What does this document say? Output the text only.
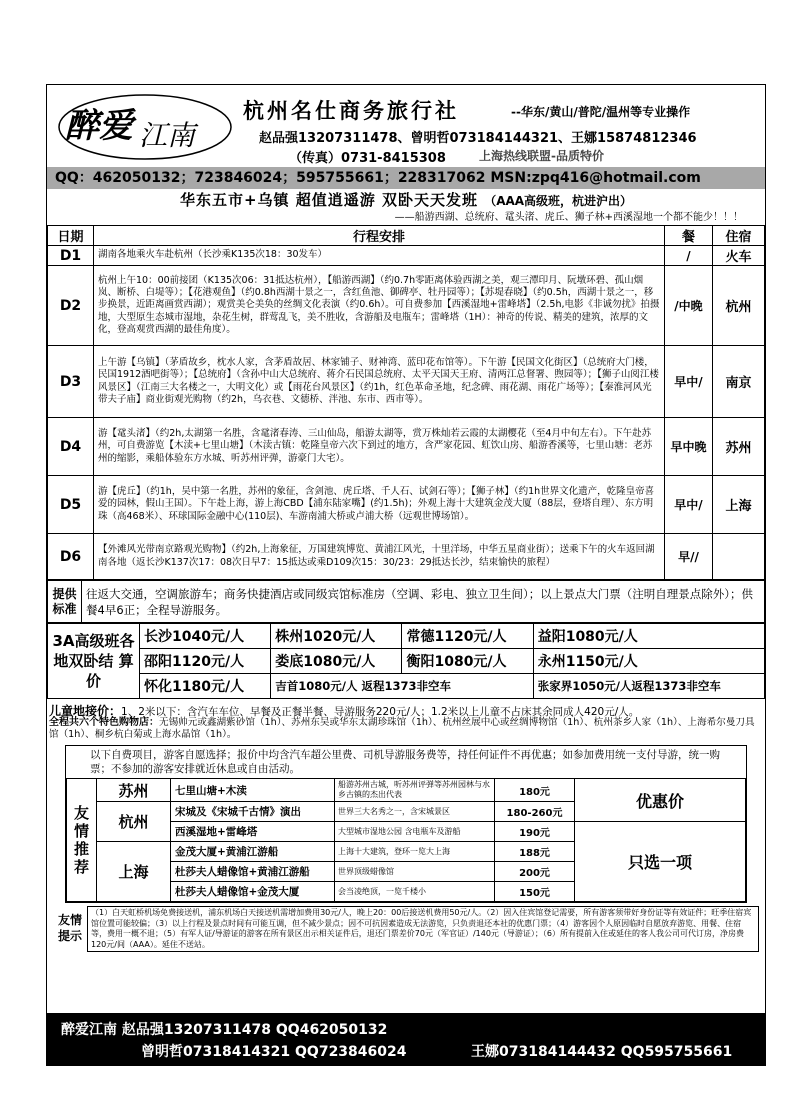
醉爱 江南
杭州名仕商务旅行社	--华东/黄山/普陀/温州等专业操作
赵品强13207311478、曾明哲073184144321、王娜15874812346
（传真）0731-8415308	上海热线联盟-品质特价
QQ：462050132；723846024；595755661；228317062 MSN:zpq416@hotmail.com
华东五市+乌镇 超值逍遥游 双卧天天发班 （AAA高级班，杭进沪出）
——船游西湖、总统府、鼋头渚、虎丘、狮子林+西溪湿地一个都不能少！！！
日期	行程安排	餐	住宿
D1	湖南各地乘火车赴杭州（长沙乘K135次18：30发车）	/	火车
D2	杭州上午10：00前接团（K135次06：31抵达杭州），【船游西湖】（约0.7h零距离体验西湖之美，观三潭印月、阮墩环碧、孤山烟岚、断桥、白堤等）；【花港观鱼】（约0.8h西湖十景之一，含红鱼池、御碑亭、牡丹园等）；【苏堤春晓】（约0.5h，西湖十景之一，移步换景，近距离画赏西湖）；观赏美仑美奂的丝绸文化表演（约0.6h）。可自费参加【西溪湿地+雷峰塔】（2.5h,电影《非诚勿扰》拍摄地，大型原生态城市湿地，杂花生树，群莺乱飞，美不胜收，含游船及电瓶车；雷峰塔（1H）：神奇的传说、精美的建筑，浓厚的文化，登高观赏西湖的最佳角度）。	/中晚	杭州
D3	上午游【乌镇】（茅盾故乡，枕水人家，含茅盾故居、林家铺子、财神湾、蓝印花布馆等）。下午游【民国文化街区】（总统府大门楼，民国1912酒吧街等）；【总统府】（含孙中山大总统府、蒋介石民国总统府、太平天国天王府、清两江总督署、煦园等）；【狮子山阅江楼风景区】（江南三大名楼之一，大明文化）或【雨花台风景区】（约1h，红色革命圣地，纪念碑、雨花湖、雨花广场等）；【秦淮河风光带夫子庙】商业街观光购物（约2h，乌衣巷、文德桥、泮池、东市、西市等）。	早中/	南京
D4	游【鼋头渚】（约2h,太湖第一名胜，含鼋渚春涛、三山仙岛，船游太湖等，赏万株灿若云霞的太湖樱花（至4月中旬左右）。下午赴苏州，可自费游览【木渎+七里山塘】（木渎古镇：乾隆皇帝六次下到过的地方，含严家花园、虹饮山房、船游香溪等，七里山塘：老苏州的缩影，乘船体验东方水城、听苏州评弹，游豪门大宅）。	早中晚	苏州
D5	游【虎丘】（约1h，吴中第一名胜，苏州的象征，含剑池、虎丘塔、千人石、试剑石等）；【狮子林】（约1h世界文化遗产，乾隆皇帝喜爱的园林，假山王国）。下午赴上海，游上海CBD【浦东陆家嘴】(约1.5h)；外观上海十大建筑金茂大厦（88层，登塔自理）、东方明珠（高468米）、环球国际金融中心(110层)、车游南浦大桥或卢浦大桥（远观世博场馆）。	早中/	上海
D6	【外滩风光带南京路观光购物】（约2h,上海象征，万国建筑博览、黄浦江风光，十里洋场，中华五星商业街）；送乘下午的火车返回湖南各地（返长沙K137次17：08次日早7：15抵达或乘D109次15：30/23：29抵达长沙，结束愉快的旅程）	早//	
提供标准	往返大交通，空调旅游车；商务快捷酒店或同级宾馆标准房（空调、彩电、独立卫生间）；以上景点大门票（注明自理景点除外）；供餐4早6正；全程导游服务。
3A高级班各地双卧结 算 价	长沙1040元/人	株州1020元/人	常德1120元/人	益阳1080元/人
	邵阳1120元/人	娄底1080元/人	衡阳1080元/人	永州1150元/人
	怀化1180元/人	吉首1080元/人 返程1373非空车		张家界1050元/人返程1373非空车
儿童地接价：1、2米以下：含汽车车位、早餐及正餐半餐、导游服务220元/人；1.2米以上儿童不占床其余同成人420元/人。
全程共六个特色购物店：无锡帅元或鑫湖紫砂馆（1h）、苏州东吴或华东太湖珍珠馆（1h）、杭州丝展中心或丝绸博物馆（1h）、杭州茶乡人家（1h）、上海希尔曼刀具馆（1h）、桐乡杭白菊或上海水晶馆（1h）。
以下自费项目，游客自愿选择；报价中均含汽车超公里费、司机导游服务费等，持任何证件不再优惠；如参加费用统一支付导游，统一购票；不参加的游客安排就近休息或自由活动。
友情推荐	苏州	七里山塘+木渎	船游苏州古城，听苏州评弹等苏州园林与水乡古镇的杰出代表	180元	优惠价
	杭州	宋城及《宋城千古情》演出	世界三大名秀之一，含宋城景区	180-260元	
		西溪湿地+雷峰塔	大型城市湿地公园 含电瓶车及游船	190元	只选一项
	上海	金茂大厦+黄浦江游船	上海十大建筑，登环一览大上海	188元	
		杜莎夫人蜡像馆+黄浦江游船	世界顶级蜡像馆	200元	
		杜莎夫人蜡像馆+金茂大厦	会当凌绝顶，一览千楼小	150元	
友情提示
（1）白天虹桥机场免费接送机，浦东机场白天接送机需增加费用30元/人，晚上20：00后接送机费用50元/人。（2）因入住宾馆登记需要，所有游客须带好身份证等有效证件；旺季住宿宾馆位置可能较偏；（3）以上行程及景点时间有可能互调，但不减少景点；因不可抗因素造成无法游览，只负责退还本社的优惠门票；（4）游客因个人原因临时自愿放弃游览、用餐、住宿等，费用一概不退；（5）有军人证/导游证的游客在所有景区出示相关证件后，退还门票差价70元（军官证）/140元（导游证）；（6）所有提前入住或延住的客人我公司可代订房，净房费120元/间（AAA）。延住不送站。
醉爱江南 赵品强13207311478 QQ462050132
曾明哲07318414321 QQ723846024	王娜073184144432 QQ595755661
